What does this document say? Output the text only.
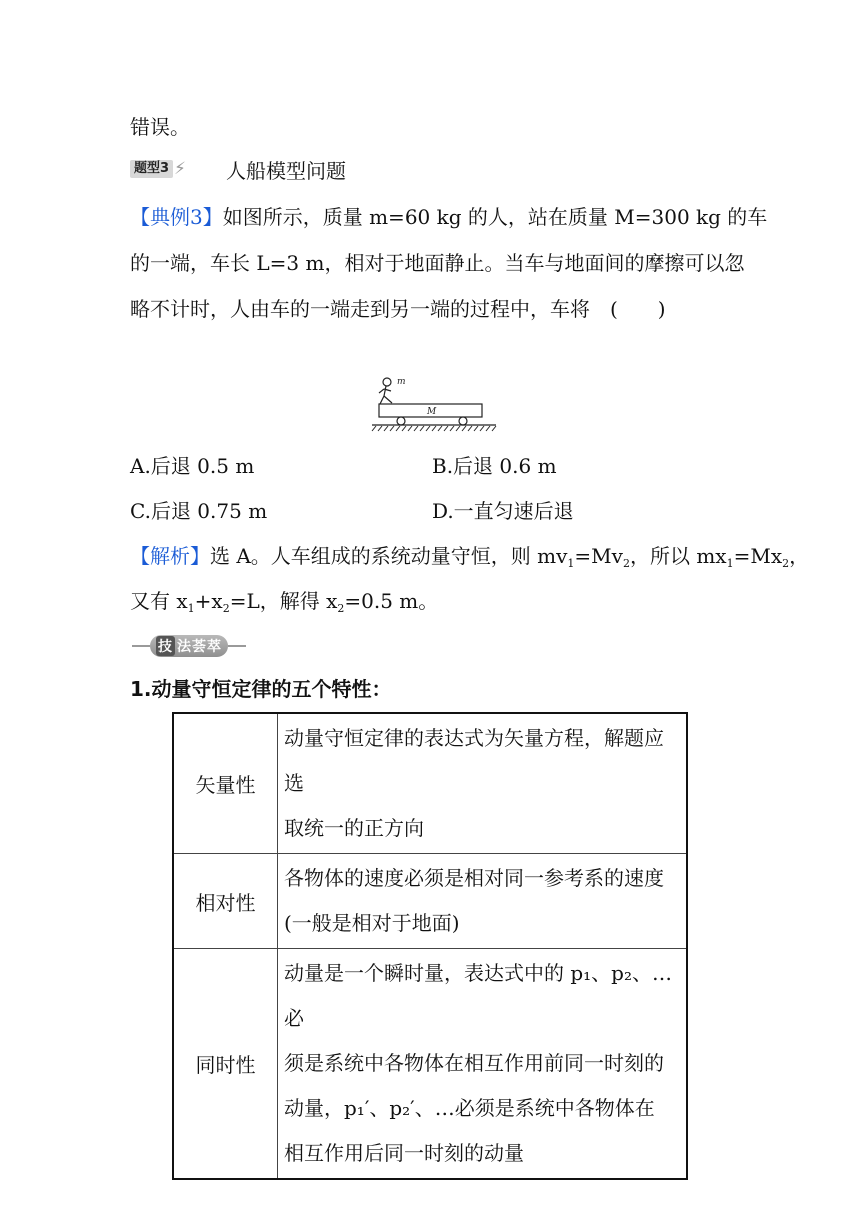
错误。
题型3 ⚡ 人船模型问题
【典例3】如图所示，质量 m=60 kg 的人，站在质量 M=300 kg 的车
的一端，车长 L=3 m，相对于地面静止。当车与地面间的摩擦可以忽
略不计时，人由车的一端走到另一端的过程中，车将　(　　)
m
M
A.后退 0.5 m	B.后退 0.6 m
C.后退 0.75 m	D.一直匀速后退
【解析】选 A。人车组成的系统动量守恒，则 $mv_1=Mv_2$，所以 $mx_1=Mx_2$，
又有 $x_1+x_2=L$，解得 $x_2=0.5$ m。
技 法荟萃
1.动量守恒定律的五个特性：
矢量性	动量守恒定律的表达式为矢量方程，解题应选
取统一的正方向

相对性	各物体的速度必须是相对同一参考系的速度
(一般是相对于地面)

同时性	动量是一个瞬时量，表达式中的 p₁、p₂、…必
须是系统中各物体在相互作用前同一时刻的
动量，p₁′、p₂′、…必须是系统中各物体在
相互作用后同一时刻的动量
